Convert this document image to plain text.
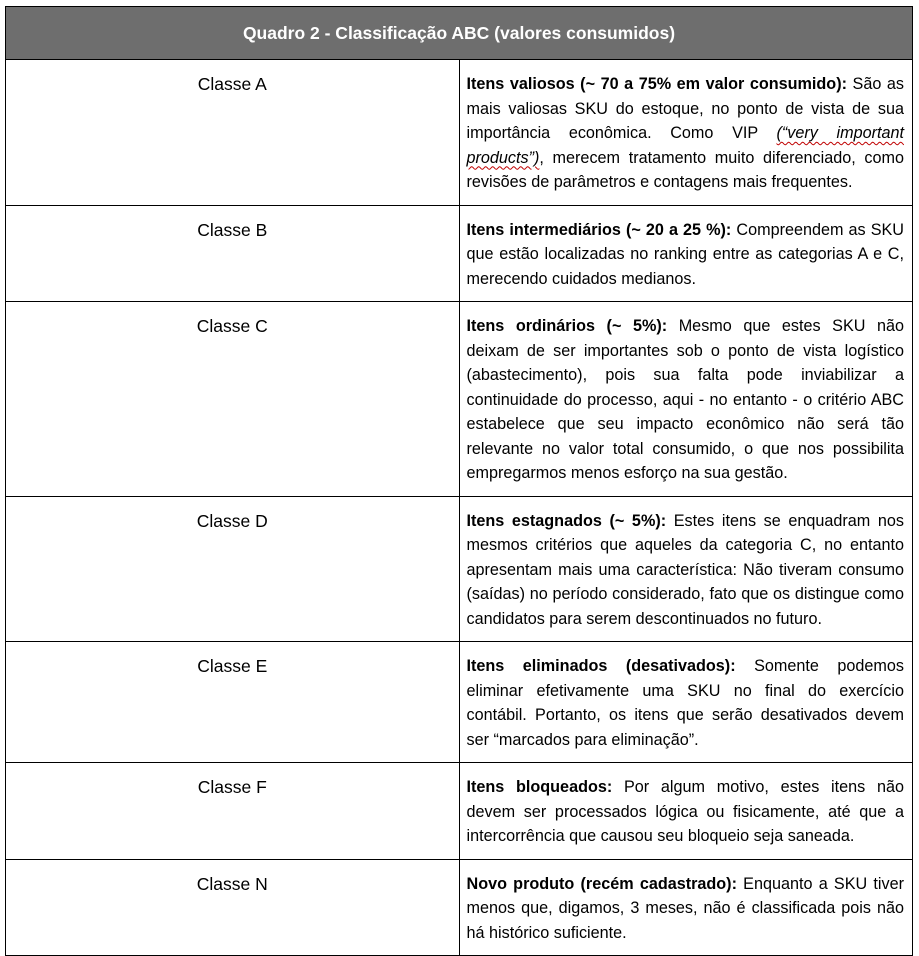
Quadro 2 - Classificação ABC (valores consumidos)	
Classe A	Itens valiosos (~ 70 a 75% em valor consumido): São as mais valiosas SKU do estoque, no ponto de vista de sua importância econômica. Como VIP (“very important products”), merecem tratamento muito diferenciado, como revisões de parâmetros e contagens mais frequentes.
Classe B	Itens intermediários (~ 20 a 25 %): Compreendem as SKU que estão localizadas no ranking entre as categorias A e C, merecendo cuidados medianos.
Classe C	Itens ordinários (~ 5%): Mesmo que estes SKU não deixam de ser importantes sob o ponto de vista logístico (abastecimento), pois sua falta pode inviabilizar a continuidade do processo, aqui - no entanto - o critério ABC estabelece que seu impacto econômico não será tão relevante no valor total consumido, o que nos possibilita empregarmos menos esforço na sua gestão.
Classe D	Itens estagnados (~ 5%): Estes itens se enquadram nos mesmos critérios que aqueles da categoria C, no entanto apresentam mais uma característica: Não tiveram consumo (saídas) no período considerado, fato que os distingue como candidatos para serem descontinuados no futuro.
Classe E	Itens eliminados (desativados): Somente podemos eliminar efetivamente uma SKU no final do exercício contábil. Portanto, os itens que serão desativados devem ser “marcados para eliminação”.
Classe F	Itens bloqueados: Por algum motivo, estes itens não devem ser processados lógica ou fisicamente, até que a intercorrência que causou seu bloqueio seja saneada.
Classe N	Novo produto (recém cadastrado): Enquanto a SKU tiver menos que, digamos, 3 meses, não é classificada pois não há histórico suficiente.
